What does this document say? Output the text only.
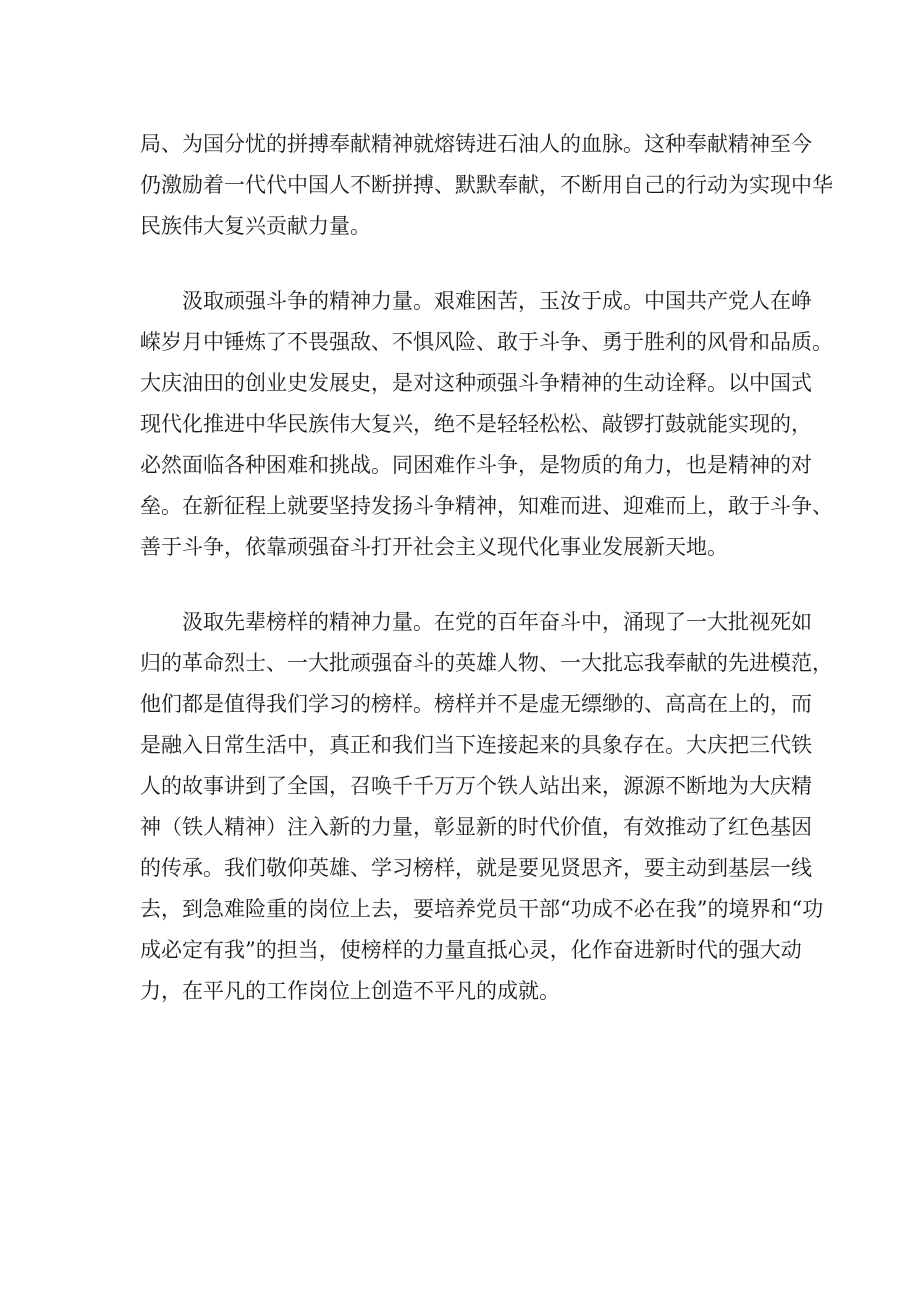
局、为国分忧的拼搏奉献精神就熔铸进石油人的血脉。这种奉献精神至今
仍激励着一代代中国人不断拼搏、默默奉献，不断用自己的行动为实现中华
民族伟大复兴贡献力量。

汲取顽强斗争的精神力量。艰难困苦，玉汝于成。中国共产党人在峥
嵘岁月中锤炼了不畏强敌、不惧风险、敢于斗争、勇于胜利的风骨和品质。
大庆油田的创业史发展史，是对这种顽强斗争精神的生动诠释。以中国式
现代化推进中华民族伟大复兴，绝不是轻轻松松、敲锣打鼓就能实现的，
必然面临各种困难和挑战。同困难作斗争，是物质的角力，也是精神的对
垒。在新征程上就要坚持发扬斗争精神，知难而进、迎难而上，敢于斗争、
善于斗争，依靠顽强奋斗打开社会主义现代化事业发展新天地。

汲取先辈榜样的精神力量。在党的百年奋斗中，涌现了一大批视死如
归的革命烈士、一大批顽强奋斗的英雄人物、一大批忘我奉献的先进模范，
他们都是值得我们学习的榜样。榜样并不是虚无缥缈的、高高在上的，而
是融入日常生活中，真正和我们当下连接起来的具象存在。大庆把三代铁
人的故事讲到了全国，召唤千千万万个铁人站出来，源源不断地为大庆精
神（铁人精神）注入新的力量，彰显新的时代价值，有效推动了红色基因
的传承。我们敬仰英雄、学习榜样，就是要见贤思齐，要主动到基层一线
去，到急难险重的岗位上去，要培养党员干部“功成不必在我”的境界和“功
成必定有我”的担当，使榜样的力量直抵心灵，化作奋进新时代的强大动
力，在平凡的工作岗位上创造不平凡的成就。
